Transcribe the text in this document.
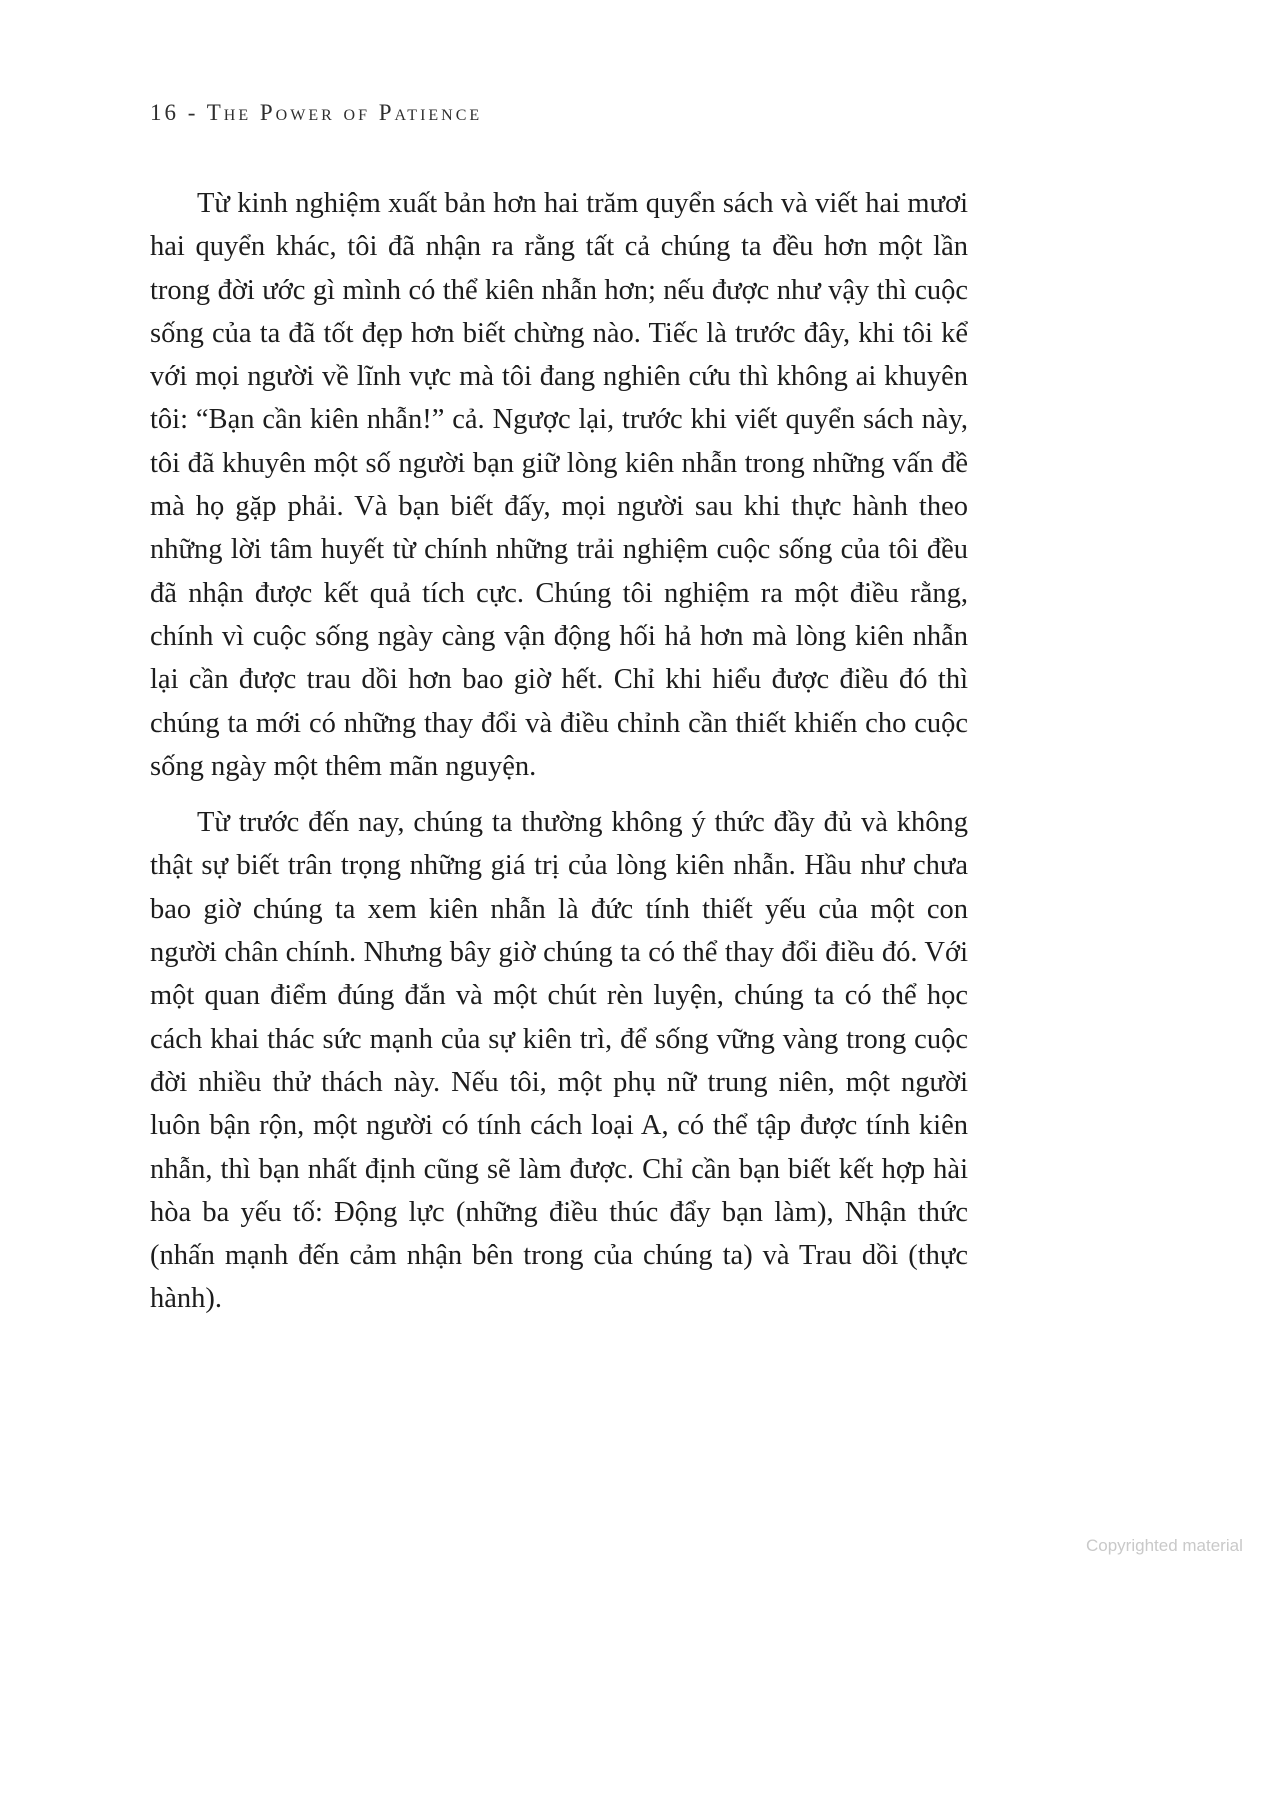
16 - The Power of Patience

Từ kinh nghiệm xuất bản hơn hai trăm quyển sách và viết hai mươi hai quyển khác, tôi đã nhận ra rằng tất cả chúng ta đều hơn một lần trong đời ước gì mình có thể kiên nhẫn hơn; nếu được như vậy thì cuộc sống của ta đã tốt đẹp hơn biết chừng nào. Tiếc là trước đây, khi tôi kể với mọi người về lĩnh vực mà tôi đang nghiên cứu thì không ai khuyên tôi: “Bạn cần kiên nhẫn!” cả. Ngược lại, trước khi viết quyển sách này, tôi đã khuyên một số người bạn giữ lòng kiên nhẫn trong những vấn đề mà họ gặp phải. Và bạn biết đấy, mọi người sau khi thực hành theo những lời tâm huyết từ chính những trải nghiệm cuộc sống của tôi đều đã nhận được kết quả tích cực. Chúng tôi nghiệm ra một điều rằng, chính vì cuộc sống ngày càng vận động hối hả hơn mà lòng kiên nhẫn lại cần được trau dồi hơn bao giờ hết. Chỉ khi hiểu được điều đó thì chúng ta mới có những thay đổi và điều chỉnh cần thiết khiến cho cuộc sống ngày một thêm mãn nguyện.

Từ trước đến nay, chúng ta thường không ý thức đầy đủ và không thật sự biết trân trọng những giá trị của lòng kiên nhẫn. Hầu như chưa bao giờ chúng ta xem kiên nhẫn là đức tính thiết yếu của một con người chân chính. Nhưng bây giờ chúng ta có thể thay đổi điều đó. Với một quan điểm đúng đắn và một chút rèn luyện, chúng ta có thể học cách khai thác sức mạnh của sự kiên trì, để sống vững vàng trong cuộc đời nhiều thử thách này. Nếu tôi, một phụ nữ trung niên, một người luôn bận rộn, một người có tính cách loại A, có thể tập được tính kiên nhẫn, thì bạn nhất định cũng sẽ làm được. Chỉ cần bạn biết kết hợp hài hòa ba yếu tố: Động lực (những điều thúc đẩy bạn làm), Nhận thức (nhấn mạnh đến cảm nhận bên trong của chúng ta) và Trau dồi (thực hành).

Copyrighted material
